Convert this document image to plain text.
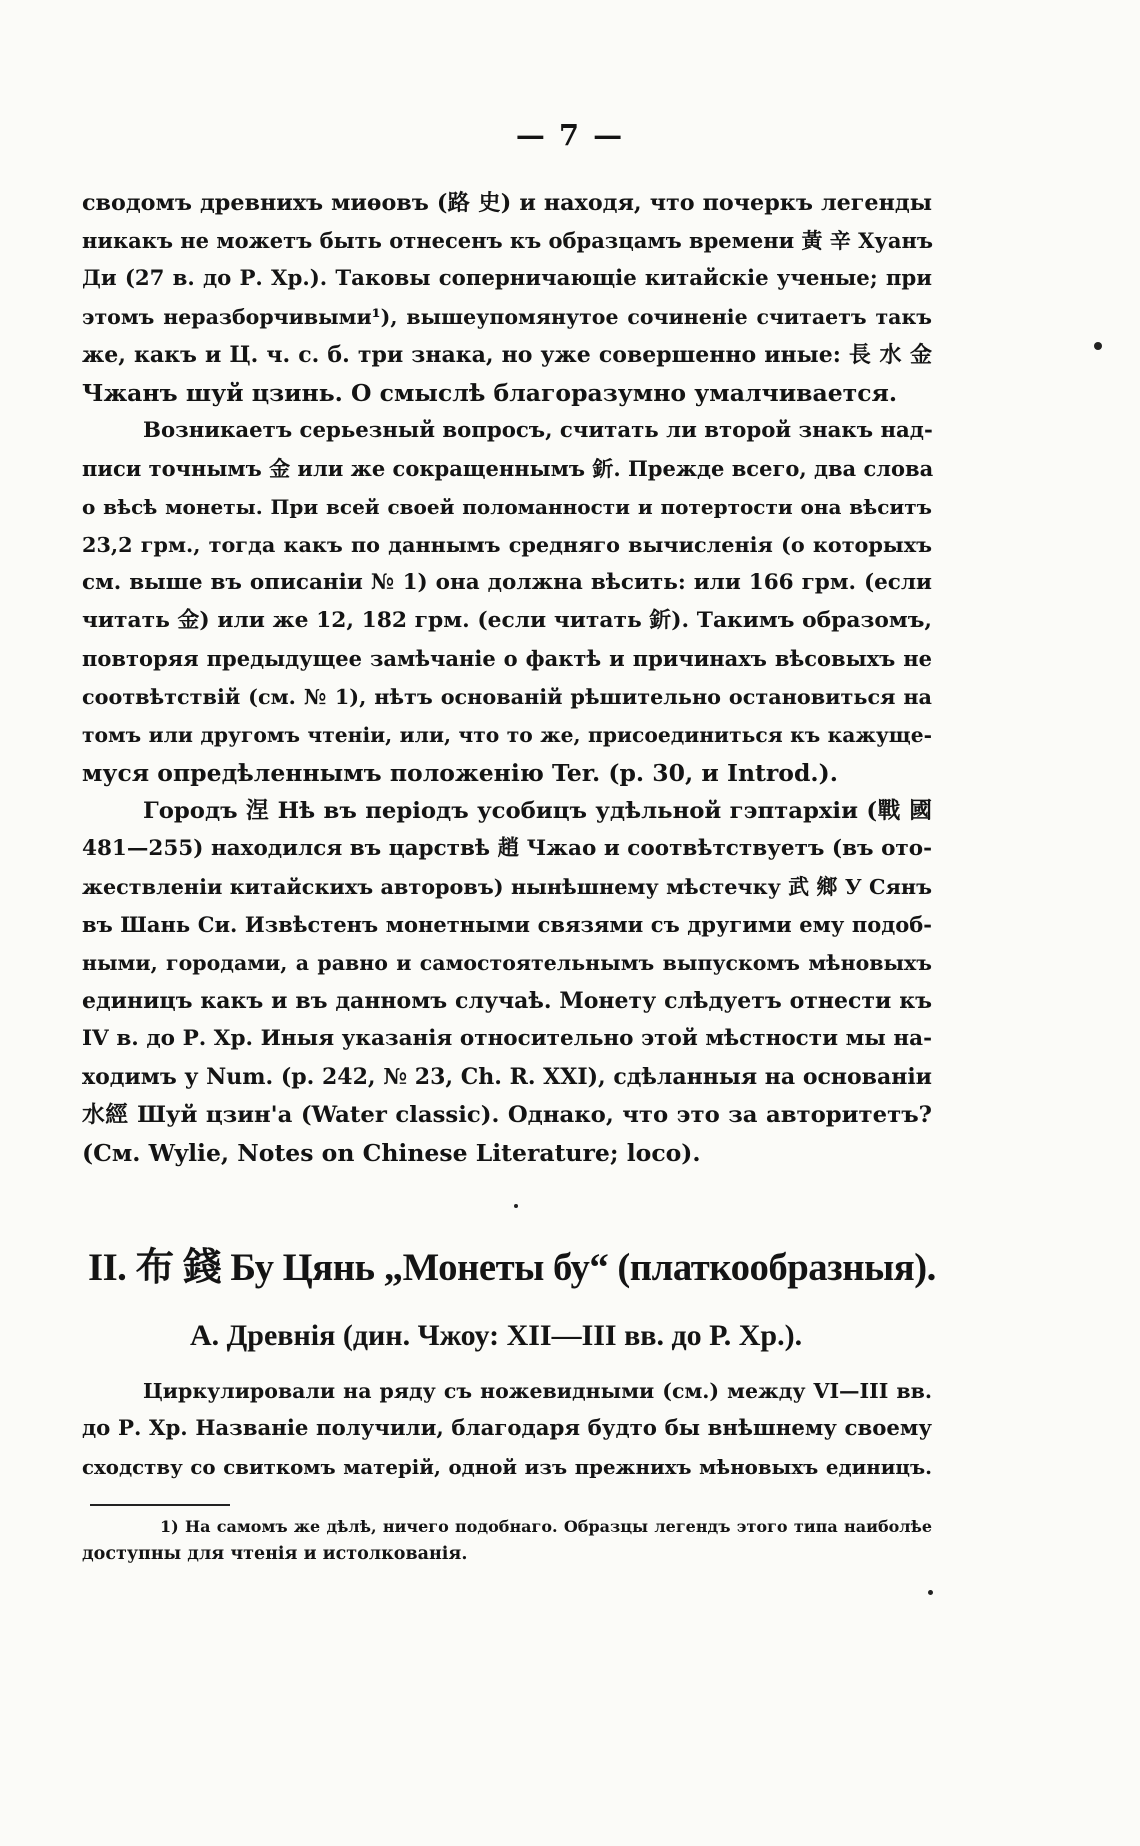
— 7 —
сводомъ древнихъ миѳовъ (路 史) и находя, что почеркъ легенды
никакъ не можетъ быть отнесенъ къ образцамъ времени 黃 辛 Хуанъ
Ди (27 в. до Р. Хр.). Таковы соперничающіе китайскіе ученые; при
этомъ неразборчивыми¹), вышеупомянутое сочиненіе считаетъ такъ
же, какъ и Ц. ч. с. б. три знака, но уже совершенно иные: 長 水 金
Чжанъ шуй цзинь. О смыслѣ благоразумно умалчивается.
Возникаетъ серьезный вопросъ, считать ли второй знакъ над-
писи точнымъ 金 или же сокращеннымъ 釿. Прежде всего, два слова
о вѣсѣ монеты. При всей своей поломанности и потертости она вѣситъ
23,2 грм., тогда какъ по даннымъ средняго вычисленія (о которыхъ
см. выше въ описаніи № 1) она должна вѣсить: или 166 грм. (если
читать 金) или же 12, 182 грм. (если читать 釿). Такимъ образомъ,
повторяя предыдущее замѣчаніе о фактѣ и причинахъ вѣсовыхъ не
соотвѣтствій (см. № 1), нѣтъ основаній рѣшительно остановиться на
томъ или другомъ чтеніи, или, что то же, присоединиться къ кажуще-
муся опредѣленнымъ положенію Ter. (p. 30, и Introd.).
Городъ 涅 Нѣ въ періодъ усобицъ удѣльной гэптархіи (戰 國
481—255) находился въ царствѣ 趙 Чжао и соотвѣтствуетъ (въ ото-
жествленіи китайскихъ авторовъ) нынѣшнему мѣстечку 武 鄉 У Сянъ
въ Шань Си. Извѣстенъ монетными связями съ другими ему подоб-
ными, городами, а равно и самостоятельнымъ выпускомъ мѣновыхъ
единицъ какъ и въ данномъ случаѣ. Монету слѣдуетъ отнести къ
IV в. до Р. Хр. Иныя указанія относительно этой мѣстности мы на-
ходимъ у Num. (p. 242, № 23, Ch. R. XXI), сдѣланныя на основаніи
水經 Шуй цзин'а (Water classic). Однако, что это за авторитетъ?
(См. Wylie, Notes on Chinese Literature; loco).
II. 布 錢 Бу Цянь „Монеты бу“ (платкообразныя).
A. Древнія (дин. Чжоу: XII—III вв. до Р. Хр.).
Циркулировали на ряду съ ножевидными (см.) между VI—III вв.
до Р. Хр. Названіе получили, благодаря будто бы внѣшнему своему
сходству со свиткомъ матерій, одной изъ прежнихъ мѣновыхъ единицъ.
1) На самомъ же дѣлѣ, ничего подобнаго. Образцы легендъ этого типа наиболѣе
доступны для чтенія и истолкованія.
